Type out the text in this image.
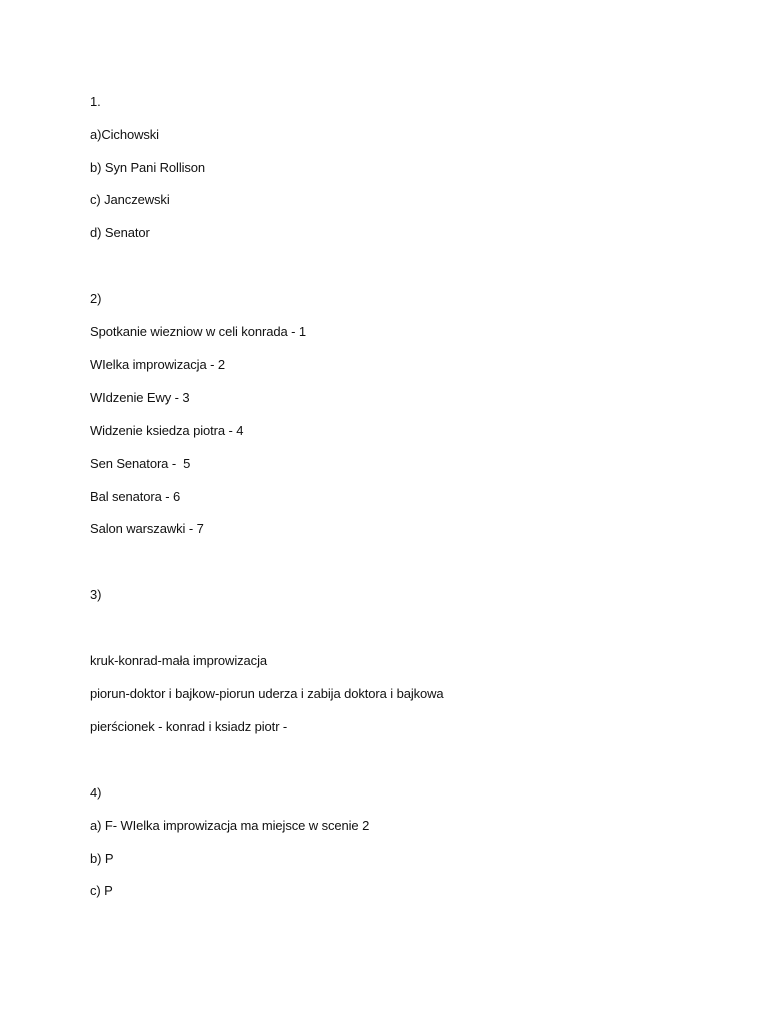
1.
a)Cichowski
b) Syn Pani Rollison
c) Janczewski
d) Senator
2)
Spotkanie wiezniow w celi konrada - 1
WIelka improwizacja - 2
WIdzenie Ewy - 3
Widzenie ksiedza piotra - 4
Sen Senatora -  5
Bal senatora - 6
Salon warszawki - 7
3)
kruk-konrad-mała improwizacja
piorun-doktor i bajkow-piorun uderza i zabija doktora i bajkowa
pierścionek - konrad i ksiadz piotr -
4)
a) F- WIelka improwizacja ma miejsce w scenie 2
b) P
c) P
